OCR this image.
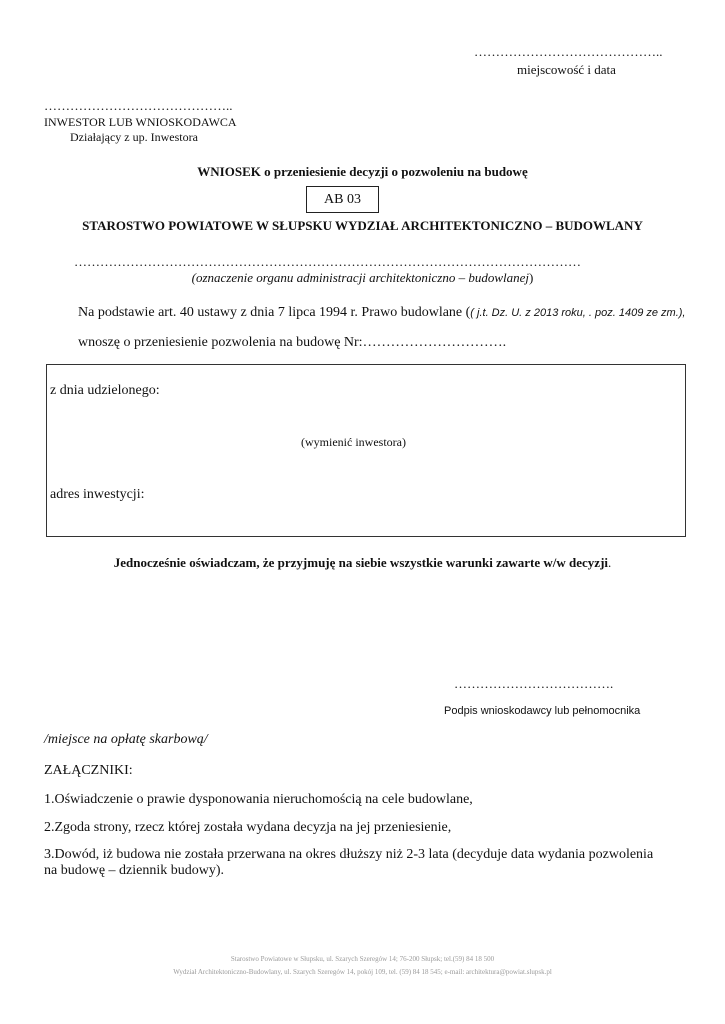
……………………………………..
miejscowość i data
……………………………………..
INWESTOR LUB WNIOSKODAWCA
Działający z up. Inwestora
WNIOSEK o przeniesienie decyzji o pozwoleniu na budowę
AB 03
STAROSTWO POWIATOWE W SŁUPSKU WYDZIAŁ ARCHITEKTONICZNO – BUDOWLANY
………………………………………………………………………………………………………
(oznaczenie organu administracji architektoniczno – budowlanej)
Na podstawie art. 40 ustawy z dnia 7 lipca 1994 r. Prawo budowlane (( j.t. Dz. U. z 2013 roku, . poz. 1409 ze zm.),
wnoszę o przeniesienie pozwolenia na budowę Nr:………………………….
z dnia udzielonego:
(wymienić inwestora)
adres inwestycji:
Jednocześnie oświadczam, że przyjmuję na siebie wszystkie warunki zawarte w/w decyzji.
……………………………….
Podpis wnioskodawcy lub pełnomocnika
/miejsce na opłatę skarbową/
ZAŁĄCZNIKI:
1.Oświadczenie o prawie dysponowania nieruchomością na cele budowlane,
2.Zgoda strony, rzecz której została wydana decyzja na jej przeniesienie,
3.Dowód, iż budowa nie została przerwana na okres dłuższy niż 2-3 lata (decyduje data wydania pozwolenia
na budowę – dziennik budowy).
Starostwo Powiatowe w Słupsku, ul. Szarych Szeregów 14; 76-200 Słupsk; tel.(59) 84 18 500
Wydział Architektoniczno-Budowlany, ul. Szarych Szeregów 14, pokój 109, tel. (59) 84 18 545; e-mail: architektura@powiat.slupsk.pl
